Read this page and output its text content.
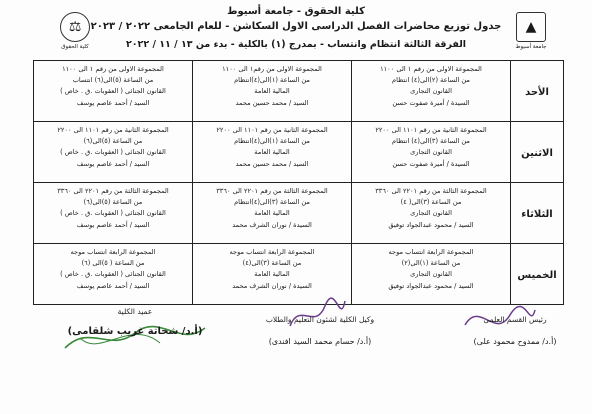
⚖
كلية الحقوق
▲
جامعة أسيوط
كلية الحقوق - جامعة أسيوط
جدول توزيع محاضرات الفصل الدراسى الاول السكاشن - للعام الجامعى ٢٠٢٢ / ٢٠٢٣
الفرقة الثالثة انتظام وانتساب - بمدرج (١) بالكلية - بدء من ١٣ / ١١ / ٢٠٢٢
الأحد	المجموعة الاولى من رقم ١ الى ١١٠٠
من الساعة (٢)الى(٤) انتظام
القانون التجارى
السيدة / أميرة صفوت حسن	المجموعة الاولى من رقم١ الى ١١٠٠
من الساعة (١)الى(٤)انتظام
المالية العامة
السيد / محمد حسين محمد	المجموعة الاولى من رقم ١ الى ١١٠٠
من الساعة (٥)الى(٦) انتساب
القانون الجنائى ( العقوبات .ق . خاص )
السيد / أحمد عاصم يوسف

الاثنين	المجموعة الثانية من رقم ١١٠١ الى ٢٢٠٠
من الساعة (٣)الى(٤) انتظام
القانون التجارى
السيدة / أميرة صفوت حسن	المجموعة الثانية من رقم ١١٠١ الى ٢٢٠٠
من الساعة (١)الى(٤)انتظام
المالية العامة
السيد / محمد حسين محمد	المجموعة الثانية من رقم ١١٠١ الى ٢٢٠٠
من الساعة (٥)الى(٦)
القانون الجنائى ( العقوبات .ق . خاص )
السيد / أحمد عاصم يوسف

الثلاثاء	المجموعة الثالثة من رقم ٢٢٠١ الى ٣٣٦٠
من الساعة (٣)الى( ٤)
القانون التجارى
السيد / محمود عبدالجواد توفيق	المجموعة الثالثة من رقم ٢٢٠١ الى ٣٣٦٠
من الساعة (٣)الى(٤)انتظام
المالية العامة
السيدة / نوران الشرف محمد	المجموعة الثالثة من رقم ٢٢٠١ الى ٣٣٦٠
من الساعة (٥)الى(٦)
القانون الجنائى ( العقوبات .ق . خاص )
السيد / أحمد عاصم يوسف

الخميس	المجموعة الرابعة انتساب موجه
من الساعة (١)الى(٢)
القانون التجارى
السيد / محمود عبدالجواد توفيق	المجموعة الرابعة انتساب موجه
من الساعة (٣)الى(٤)
المالية العامة
السيدة / نوران الشرف محمد	المجموعة الرابعة انتساب موجه
من الساعة ( ٥)الى (٦)
القانون الجنائى ( العقوبات .ق . خاص )
السيد / أحمد عاصم يوسف
رئيس القسم العلمى
(أ.د/ ممدوح محمود على)
وكيل الكلية لشئون التعليم والطلاب
(أ.د/ حسام محمد السيد افندى)
عميد الكلية
(أ.د/ شحاتة غريب شلقامى)
